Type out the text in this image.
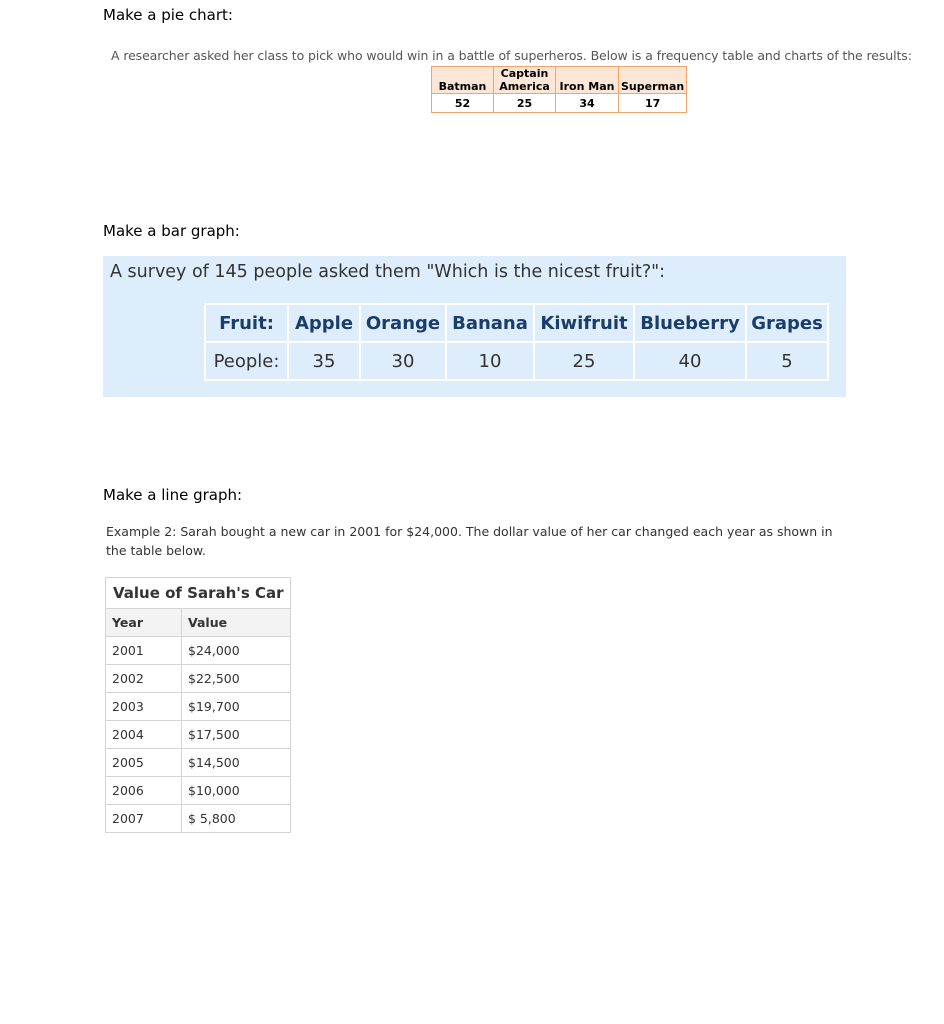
Make a pie chart:
A researcher asked her class to pick who would win in a battle of superheros. Below is a frequency table and charts of the results:
Batman	Captain America	Iron Man	Superman
52	25	34	17
Make a bar graph:
A survey of 145 people asked them "Which is the nicest fruit?":
Fruit:	Apple	Orange	Banana	Kiwifruit	Blueberry	Grapes
People:	35	30	10	25	40	5
Make a line graph:
Example 2: Sarah bought a new car in 2001 for $24,000. The dollar value of her car changed each year as shown in the table below.
Value of Sarah's Car	
Year	Value
2001	$24,000
2002	$22,500
2003	$19,700
2004	$17,500
2005	$14,500
2006	$10,000
2007	$ 5,800
